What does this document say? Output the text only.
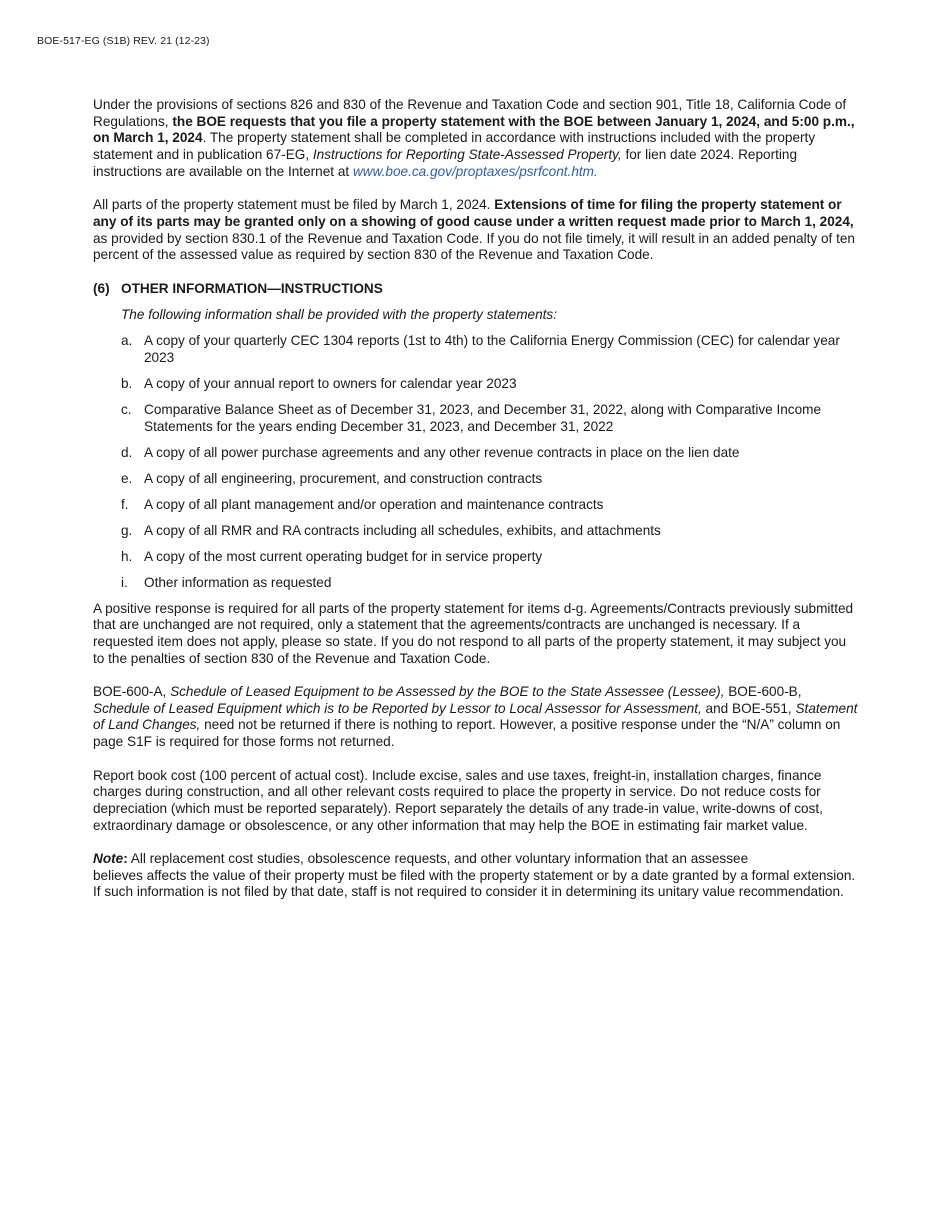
BOE-517-EG (S1B) REV. 21 (12-23)

Under the provisions of sections 826 and 830 of the Revenue and Taxation Code and section 901, Title 18, California Code of Regulations, the BOE requests that you file a property statement with the BOE between January 1, 2024, and 5:00 p.m., on March 1, 2024. The property statement shall be completed in accordance with instructions included with the property statement and in publication 67-EG, Instructions for Reporting State-Assessed Property, for lien date 2024. Reporting instructions are available on the Internet at www.boe.ca.gov/proptaxes/psrfcont.htm.

All parts of the property statement must be filed by March 1, 2024. Extensions of time for filing the property statement or any of its parts may be granted only on a showing of good cause under a written request made prior to March 1, 2024, as provided by section 830.1 of the Revenue and Taxation Code. If you do not file timely, it will result in an added penalty of ten percent of the assessed value as required by section 830 of the Revenue and Taxation Code.

(6) OTHER INFORMATION—INSTRUCTIONS

The following information shall be provided with the property statements:

a. A copy of your quarterly CEC 1304 reports (1st to 4th) to the California Energy Commission (CEC) for calendar year 2023
b. A copy of your annual report to owners for calendar year 2023
c. Comparative Balance Sheet as of December 31, 2023, and December 31, 2022, along with Comparative Income Statements for the years ending December 31, 2023, and December 31, 2022
d. A copy of all power purchase agreements and any other revenue contracts in place on the lien date
e. A copy of all engineering, procurement, and construction contracts
f.	A copy of all plant management and/or operation and maintenance contracts
g. A copy of all RMR and RA contracts including all schedules, exhibits, and attachments
h. A copy of the most current operating budget for in service property
i.	Other information as requested

A positive response is required for all parts of the property statement for items d-g. Agreements/Contracts previously submitted that are unchanged are not required, only a statement that the agreements/contracts are unchanged is necessary. If a requested item does not apply, please so state. If you do not respond to all parts of the property statement, it may subject you to the penalties of section 830 of the Revenue and Taxation Code.

BOE-600-A, Schedule of Leased Equipment to be Assessed by the BOE to the State Assessee (Lessee), BOE-600-B, Schedule of Leased Equipment which is to be Reported by Lessor to Local Assessor for Assessment, and BOE-551, Statement of Land Changes, need not be returned if there is nothing to report. However, a positive response under the “N/A” column on page S1F is required for those forms not returned.

Report book cost (100 percent of actual cost). Include excise, sales and use taxes, freight-in, installation charges, finance charges during construction, and all other relevant costs required to place the property in service. Do not reduce costs for depreciation (which must be reported separately). Report separately the details of any trade-in value, write-downs of cost, extraordinary damage or obsolescence, or any other information that may help the BOE in estimating fair market value.

Note: All replacement cost studies, obsolescence requests, and other voluntary information that an assessee
believes affects the value of their property must be filed with the property statement or by a date granted by a formal extension. If such information is not filed by that date, staff is not required to consider it in determining its unitary value recommendation.
